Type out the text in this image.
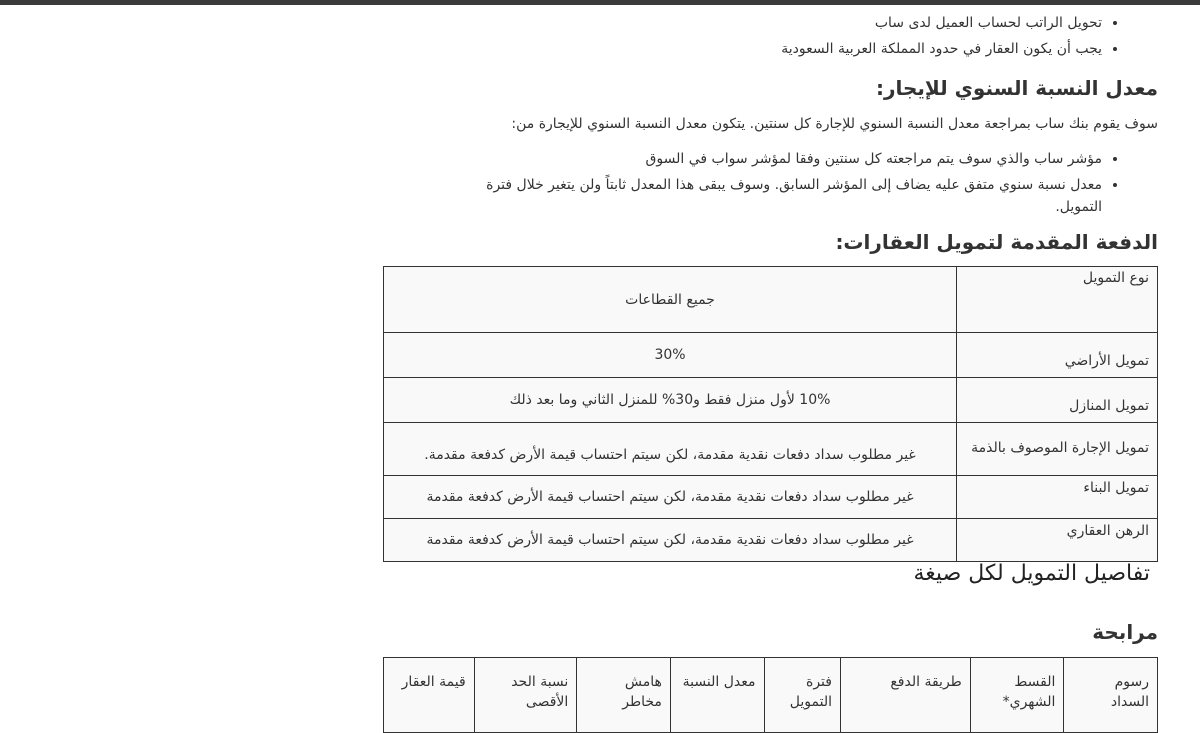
•
• تحويل الراتب لحساب العميل لدى ساب
• يجب أن يكون العقار في حدود المملكة العربية السعودية
معدل النسبة السنوي للإيجار:

سوف يقوم بنك ساب بمراجعة معدل النسبة السنوي للإجارة كل سنتين. يتكون معدل النسبة السنوي للإيجارة من:

• مؤشر ساب والذي سوف يتم مراجعته كل سنتين وفقا لمؤشر سواب في السوق
• معدل نسبة سنوي متفق عليه يضاف إلى المؤشر السابق. وسوف يبقى هذا المعدل ثابتاً ولن يتغير خلال فترة التمويل.
الدفعة المقدمة لتمويل العقارات:
نوع التمويل	جميع القطاعات
تمويل الأراضي	30%
تمويل المنازل	10% لأول منزل فقط و30% للمنزل الثاني وما بعد ذلك
تمويل الإجارة الموصوف بالذمة	غير مطلوب سداد دفعات نقدية مقدمة، لكن سيتم احتساب قيمة الأرض كدفعة مقدمة.
تمويل البناء	غير مطلوب سداد دفعات نقدية مقدمة، لكن سيتم احتساب قيمة الأرض كدفعة مقدمة
الرهن العقاري	غير مطلوب سداد دفعات نقدية مقدمة، لكن سيتم احتساب قيمة الأرض كدفعة مقدمة
تفاصيل التمويل لكل صيغة
مرابحة
رسوم السداد	القسط الشهري*	طريقة الدفع	فترة التمويل	معدل النسبة	هامش مخاطر	نسبة الحد الأقصى	قيمة العقار
